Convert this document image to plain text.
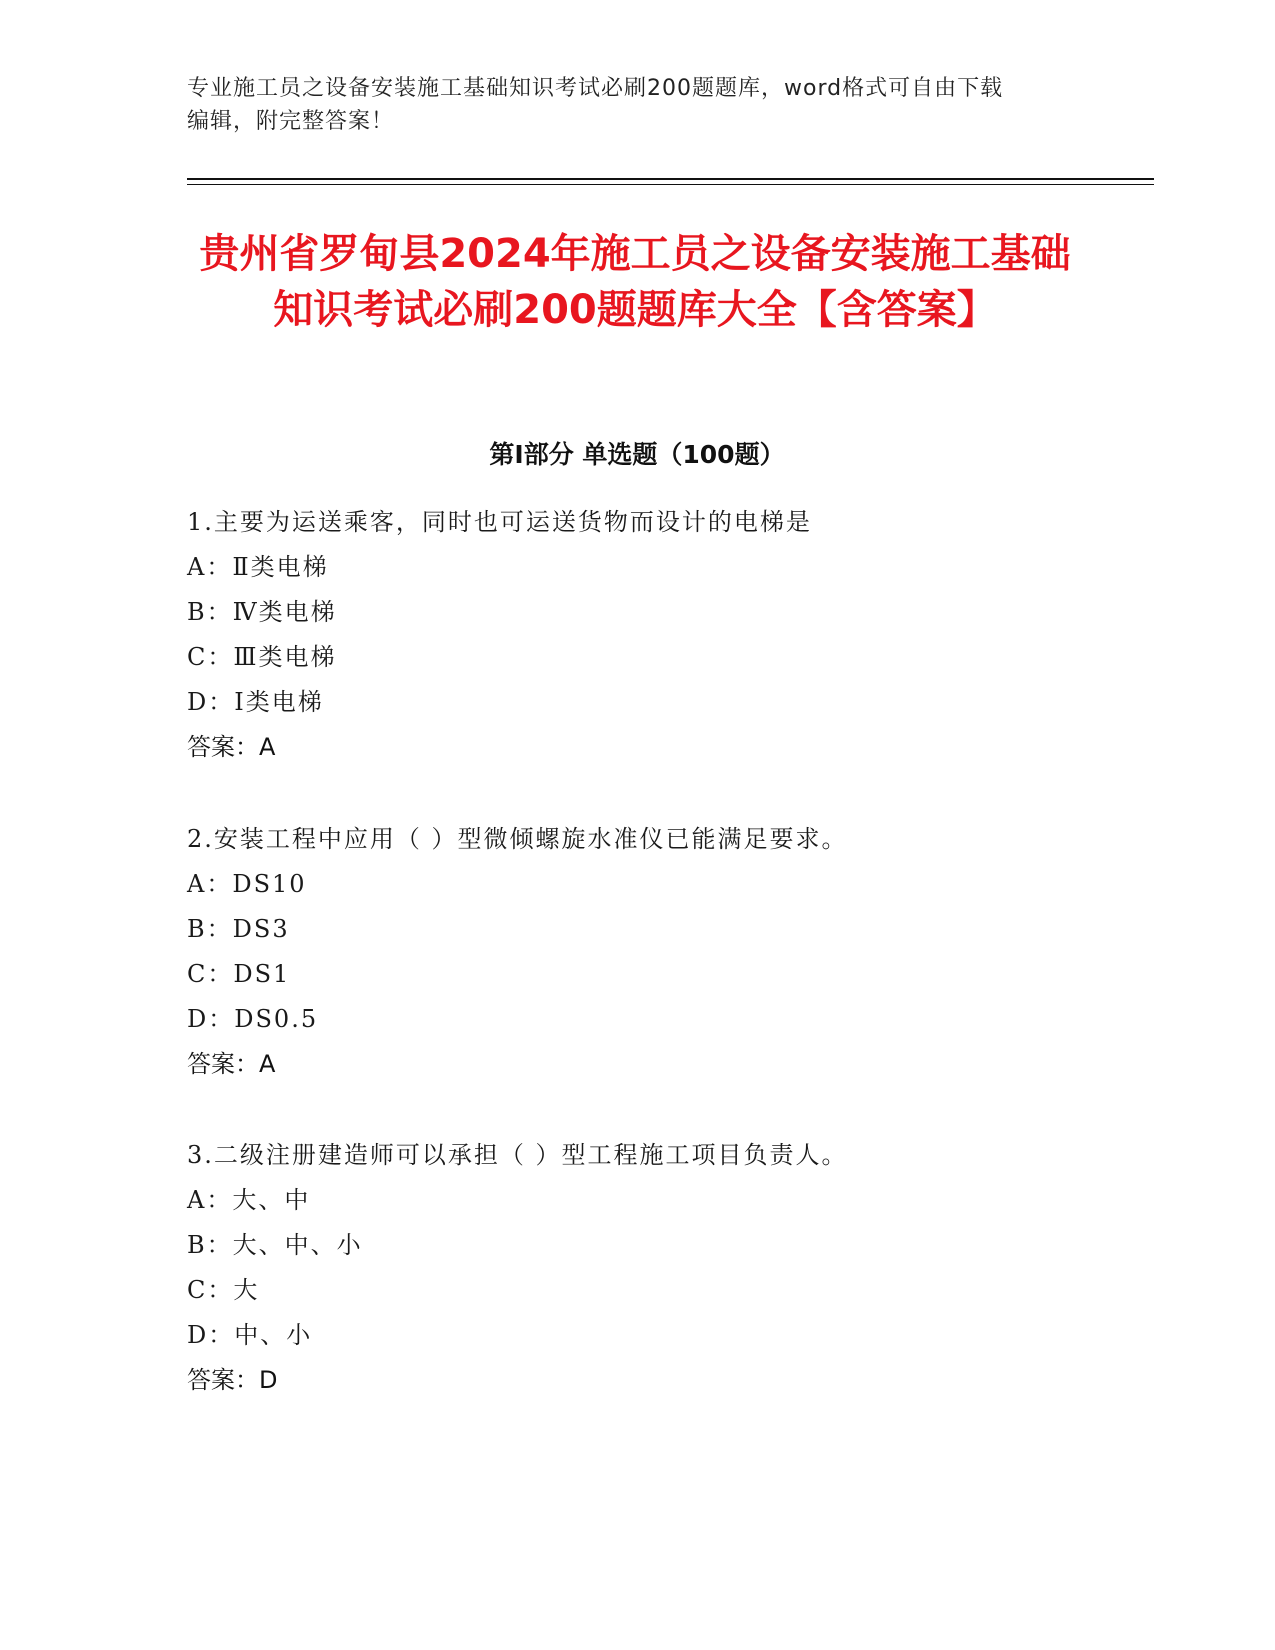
专业施工员之设备安装施工基础知识考试必刷200题题库，word格式可自由下载
编辑，附完整答案！
贵州省罗甸县2024年施工员之设备安装施工基础知识考试必刷200题题库大全【含答案】
第Ⅰ部分 单选题（100题）
1.主要为运送乘客，同时也可运送货物而设计的电梯是
A：Ⅱ类电梯
B：Ⅳ类电梯
C：Ⅲ类电梯
D：Ⅰ类电梯
答案：A
2.安装工程中应用（ ）型微倾螺旋水准仪已能满足要求。
A：DS10
B：DS3
C：DS1
D：DS0.5
答案：A
3.二级注册建造师可以承担（ ）型工程施工项目负责人。
A：大、中
B：大、中、小
C：大
D：中、小
答案：D
